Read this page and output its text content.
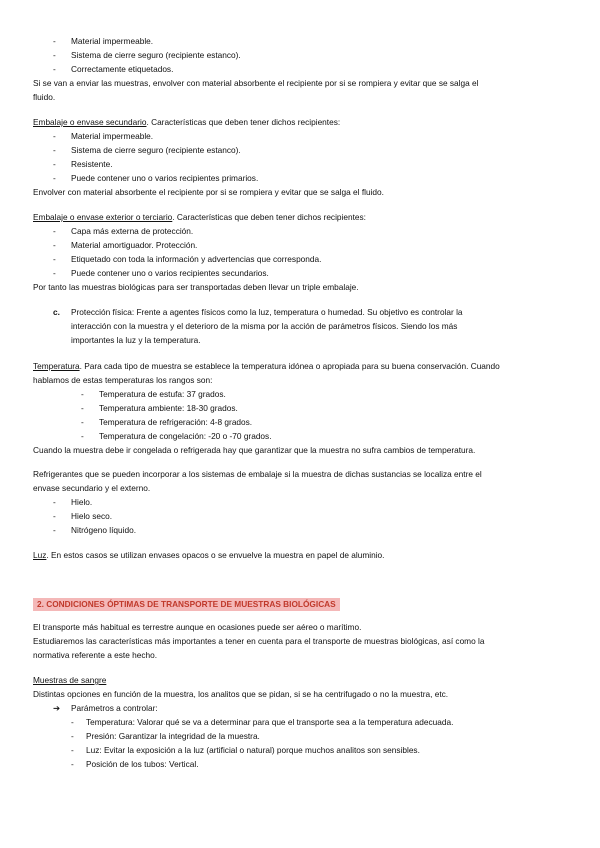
- Material impermeable.
- Sistema de cierre seguro (recipiente estanco).
- Correctamente etiquetados.
Si se van a enviar las muestras, envolver con material absorbente el recipiente por si se rompiera y evitar que se salga el
fluido.
Embalaje o envase secundario. Características que deben tener dichos recipientes:
- Material impermeable.
- Sistema de cierre seguro (recipiente estanco).
- Resistente.
- Puede contener uno o varios recipientes primarios.
Envolver con material absorbente el recipiente por si se rompiera y evitar que se salga el fluido.
Embalaje o envase exterior o terciario. Características que deben tener dichos recipientes:
- Capa más externa de protección.
- Material amortiguador. Protección.
- Etiquetado con toda la información y advertencias que corresponda.
- Puede contener uno o varios recipientes secundarios.
Por tanto las muestras biológicas para ser transportadas deben llevar un triple embalaje.
c. Protección física: Frente a agentes físicos como la luz, temperatura o humedad. Su objetivo es controlar la
interacción con la muestra y el deterioro de la misma por la acción de parámetros físicos. Siendo los más
importantes la luz y la temperatura.
Temperatura. Para cada tipo de muestra se establece la temperatura idónea o apropiada para su buena conservación. Cuando
hablamos de estas temperaturas los rangos son:
- Temperatura de estufa: 37 grados.
- Temperatura ambiente: 18-30 grados.
- Temperatura de refrigeración: 4-8 grados.
- Temperatura de congelación: -20 o -70 grados.
Cuando la muestra debe ir congelada o refrigerada hay que garantizar que la muestra no sufra cambios de temperatura.
Refrigerantes que se pueden incorporar a los sistemas de embalaje si la muestra de dichas sustancias se localiza entre el
envase secundario y el externo.
- Hielo.
- Hielo seco.
- Nitrógeno líquido.
Luz. En estos casos se utilizan envases opacos o se envuelve la muestra en papel de aluminio.
2. CONDICIONES ÓPTIMAS DE TRANSPORTE DE MUESTRAS BIOLÓGICAS
El transporte más habitual es terrestre aunque en ocasiones puede ser aéreo o marítimo.
Estudiaremos las características más importantes a tener en cuenta para el transporte de muestras biológicas, así como la
normativa referente a este hecho.
Muestras de sangre
Distintas opciones en función de la muestra, los analitos que se pidan, si se ha centrifugado o no la muestra, etc.
➔ Parámetros a controlar:
- Temperatura: Valorar qué se va a determinar para que el transporte sea a la temperatura adecuada.
- Presión: Garantizar la integridad de la muestra.
- Luz: Evitar la exposición a la luz (artificial o natural) porque muchos analitos son sensibles.
- Posición de los tubos: Vertical.
